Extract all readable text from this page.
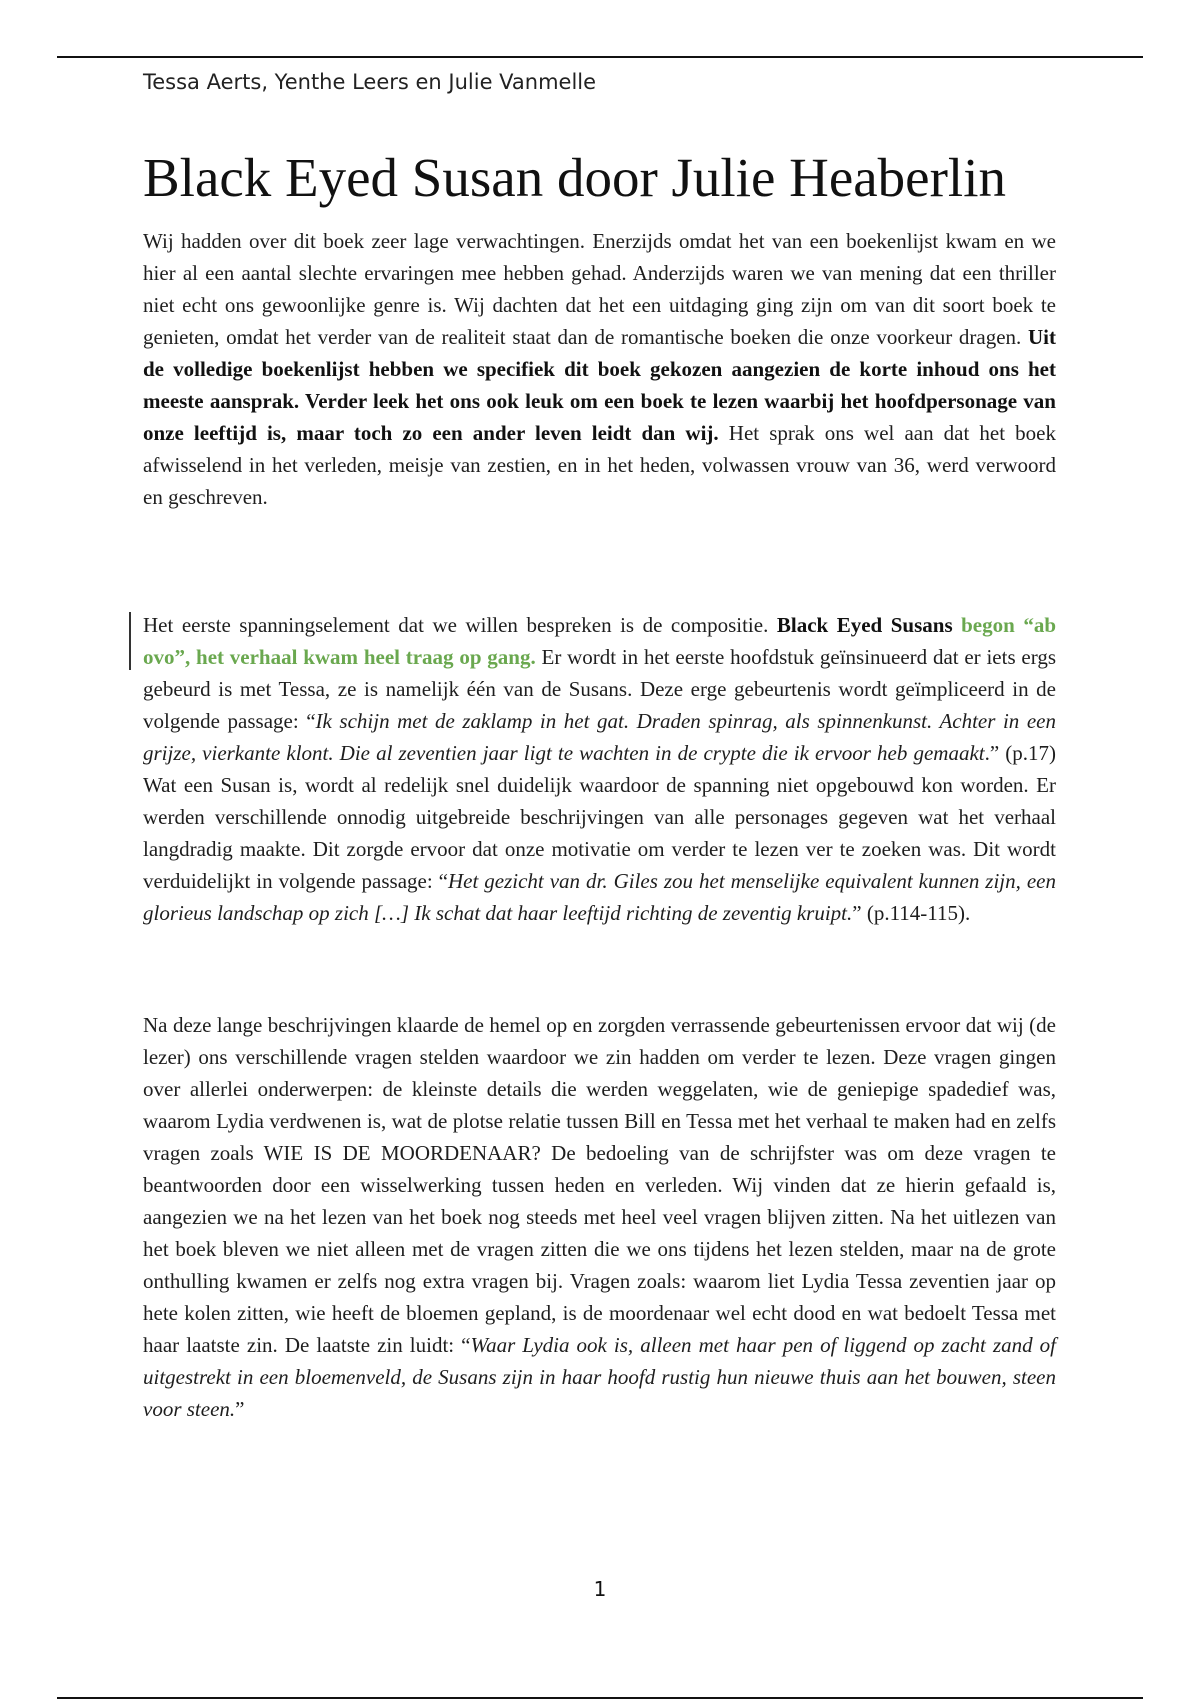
Tessa Aerts, Yenthe Leers en Julie Vanmelle
Black Eyed Susan door Julie Heaberlin

Wij hadden over dit boek zeer lage verwachtingen. Enerzijds omdat het van een boekenlijst kwam en we hier al een aantal slechte ervaringen mee hebben gehad. Anderzijds waren we van mening dat een thriller niet echt ons gewoonlijke genre is. Wij dachten dat het een uitdaging ging zijn om van dit soort boek te genieten, omdat het verder van de realiteit staat dan de romantische boeken die onze voorkeur dragen. Uit de volledige boekenlijst hebben we specifiek dit boek gekozen aangezien de korte inhoud ons het meeste aansprak. Verder leek het ons ook leuk om een boek te lezen waarbij het hoofdpersonage van onze leeftijd is, maar toch zo een ander leven leidt dan wij. Het sprak ons wel aan dat het boek afwisselend in het verleden, meisje van zestien, en in het heden, volwassen vrouw van 36, werd verwoord en geschreven.

Het eerste spanningselement dat we willen bespreken is de compositie. Black Eyed Susans begon “ab ovo”, het verhaal kwam heel traag op gang. Er wordt in het eerste hoofdstuk geïnsinueerd dat er iets ergs gebeurd is met Tessa, ze is namelijk één van de Susans. Deze erge gebeurtenis wordt geïmpliceerd in de volgende passage: “Ik schijn met de zaklamp in het gat. Draden spinrag, als spinnenkunst. Achter in een grijze, vierkante klont. Die al zeventien jaar ligt te wachten in de crypte die ik ervoor heb gemaakt.” (p.17) Wat een Susan is, wordt al redelijk snel duidelijk waardoor de spanning niet opgebouwd kon worden. Er werden verschillende onnodig uitgebreide beschrijvingen van alle personages gegeven wat het verhaal langdradig maakte. Dit zorgde ervoor dat onze motivatie om verder te lezen ver te zoeken was. Dit wordt verduidelijkt in volgende passage: “Het gezicht van dr. Giles zou het menselijke equivalent kunnen zijn, een glorieus landschap op zich […] Ik schat dat haar leeftijd richting de zeventig kruipt.” (p.114-115).

Na deze lange beschrijvingen klaarde de hemel op en zorgden verrassende gebeurtenissen ervoor dat wij (de lezer) ons verschillende vragen stelden waardoor we zin hadden om verder te lezen. Deze vragen gingen over allerlei onderwerpen: de kleinste details die werden weggelaten, wie de geniepige spadedief was, waarom Lydia verdwenen is, wat de plotse relatie tussen Bill en Tessa met het verhaal te maken had en zelfs vragen zoals WIE IS DE MOORDENAAR? De bedoeling van de schrijfster was om deze vragen te beantwoorden door een wisselwerking tussen heden en verleden. Wij vinden dat ze hierin gefaald is, aangezien we na het lezen van het boek nog steeds met heel veel vragen blijven zitten. Na het uitlezen van het boek bleven we niet alleen met de vragen zitten die we ons tijdens het lezen stelden, maar na de grote onthulling kwamen er zelfs nog extra vragen bij. Vragen zoals: waarom liet Lydia Tessa zeventien jaar op hete kolen zitten, wie heeft de bloemen gepland, is de moordenaar wel echt dood en wat bedoelt Tessa met haar laatste zin. De laatste zin luidt: “Waar Lydia ook is, alleen met haar pen of liggend op zacht zand of uitgestrekt in een bloemenveld, de Susans zijn in haar hoofd rustig hun nieuwe thuis aan het bouwen, steen voor steen.”

1
